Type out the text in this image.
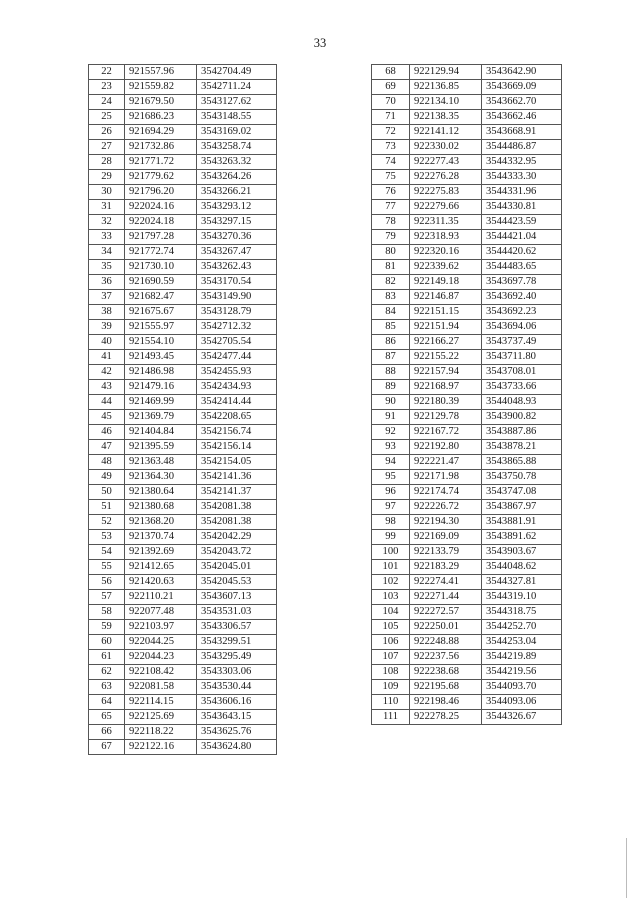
33
22	921557.96	3542704.49
23	921559.82	3542711.24
24	921679.50	3543127.62
25	921686.23	3543148.55
26	921694.29	3543169.02
27	921732.86	3543258.74
28	921771.72	3543263.32
29	921779.62	3543264.26
30	921796.20	3543266.21
31	922024.16	3543293.12
32	922024.18	3543297.15
33	921797.28	3543270.36
34	921772.74	3543267.47
35	921730.10	3543262.43
36	921690.59	3543170.54
37	921682.47	3543149.90
38	921675.67	3543128.79
39	921555.97	3542712.32
40	921554.10	3542705.54
41	921493.45	3542477.44
42	921486.98	3542455.93
43	921479.16	3542434.93
44	921469.99	3542414.44
45	921369.79	3542208.65
46	921404.84	3542156.74
47	921395.59	3542156.14
48	921363.48	3542154.05
49	921364.30	3542141.36
50	921380.64	3542141.37
51	921380.68	3542081.38
52	921368.20	3542081.38
53	921370.74	3542042.29
54	921392.69	3542043.72
55	921412.65	3542045.01
56	921420.63	3542045.53
57	922110.21	3543607.13
58	922077.48	3543531.03
59	922103.97	3543306.57
60	922044.25	3543299.51
61	922044.23	3543295.49
62	922108.42	3543303.06
63	922081.58	3543530.44
64	922114.15	3543606.16
65	922125.69	3543643.15
66	922118.22	3543625.76
67	922122.16	3543624.80
68	922129.94	3543642.90
69	922136.85	3543669.09
70	922134.10	3543662.70
71	922138.35	3543662.46
72	922141.12	3543668.91
73	922330.02	3544486.87
74	922277.43	3544332.95
75	922276.28	3544333.30
76	922275.83	3544331.96
77	922279.66	3544330.81
78	922311.35	3544423.59
79	922318.93	3544421.04
80	922320.16	3544420.62
81	922339.62	3544483.65
82	922149.18	3543697.78
83	922146.87	3543692.40
84	922151.15	3543692.23
85	922151.94	3543694.06
86	922166.27	3543737.49
87	922155.22	3543711.80
88	922157.94	3543708.01
89	922168.97	3543733.66
90	922180.39	3544048.93
91	922129.78	3543900.82
92	922167.72	3543887.86
93	922192.80	3543878.21
94	922221.47	3543865.88
95	922171.98	3543750.78
96	922174.74	3543747.08
97	922226.72	3543867.97
98	922194.30	3543881.91
99	922169.09	3543891.62
100	922133.79	3543903.67
101	922183.29	3544048.62
102	922274.41	3544327.81
103	922271.44	3544319.10
104	922272.57	3544318.75
105	922250.01	3544252.70
106	922248.88	3544253.04
107	922237.56	3544219.89
108	922238.68	3544219.56
109	922195.68	3544093.70
110	922198.46	3544093.06
111	922278.25	3544326.67
